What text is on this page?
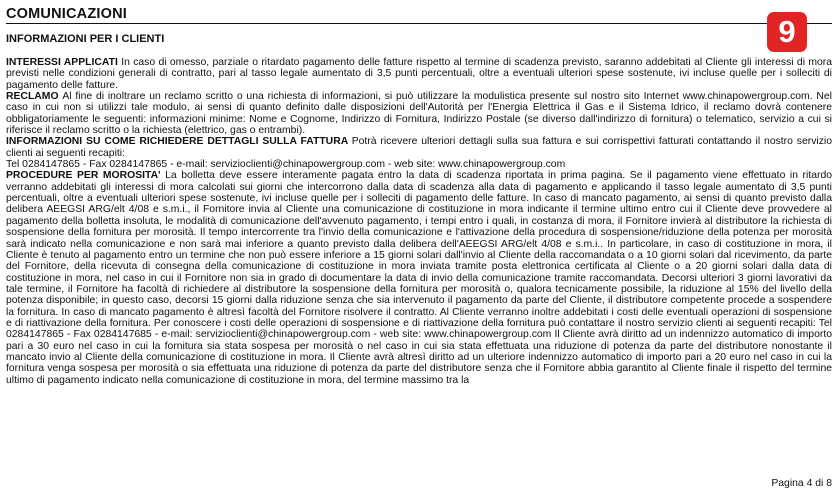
COMUNICAZIONI
INFORMAZIONI PER I CLIENTI	9

INTERESSI APPLICATI In caso di omesso, parziale o ritardato pagamento delle fatture rispetto al termine di scadenza previsto, saranno addebitati al Cliente gli interessi di mora previsti nelle condizioni generali di contratto, pari al tasso legale aumentato di 3,5 punti percentuali, oltre a eventuali ulteriori spese sostenute, ivi incluse quelle per i solleciti di pagamento delle fatture.

RECLAMO Al fine di inoltrare un reclamo scritto o una richiesta di informazioni, si può utilizzare la modulistica presente sul nostro sito Internet www.chinapowergroup.com. Nel caso in cui non si utilizzi tale modulo, ai sensi di quanto definito dalle disposizioni dell'Autorità per l'Energia Elettrica il Gas e il Sistema Idrico, il reclamo dovrà contenere obbligatoriamente le seguenti: informazioni minime: Nome e Cognome, Indirizzo di Fornitura, Indirizzo Postale (se diverso dall'indirizzo di fornitura) o telematico, servizio a cui si riferisce il reclamo scritto o la richiesta (elettrico, gas o entrambi).

INFORMAZIONI SU COME RICHIEDERE DETTAGLI SULLA FATTURA Potrà ricevere ulteriori dettagli sulla sua fattura e sui corrispettivi fatturati contattando il nostro servizio clienti ai seguenti recapiti:

Tel 0284147865 - Fax 0284147865 - e-mail: servizioclienti@chinapowergroup.com - web site: www.chinapowergroup.com

PROCEDURE PER MOROSITA' La bolletta deve essere interamente pagata entro la data di scadenza riportata in prima pagina. Se il pagamento viene effettuato in ritardo verranno addebitati gli interessi di mora calcolati sui giorni che intercorrono dalla data di scadenza alla data di pagamento e applicando il tasso legale aumentato di 3,5 punti percentuali, oltre a eventuali ulteriori spese sostenute, ivi incluse quelle per i solleciti di pagamento delle fatture. In caso di mancato pagamento, ai sensi di quanto previsto dalla delibera AEEGSI ARG/elt 4/08 e s.m.i., il Fornitore invia al Cliente una comunicazione di costituzione in mora indicante il termine ultimo entro cui il Cliente deve provvedere al pagamento della bolletta insoluta, le modalità di comunicazione dell'avvenuto pagamento, i tempi entro i quali, in costanza di mora, il Fornitore invierà al distributore la richiesta di sospensione della fornitura per morosità. Il tempo intercorrente tra l'invio della comunicazione e l'attivazione della procedura di sospensione/riduzione della potenza per morosità sarà indicato nella comunicazione e non sarà mai inferiore a quanto previsto dalla delibera dell'AEEGSI ARG/elt 4/08 e s.m.i.. In particolare, in caso di costituzione in mora, il Cliente è tenuto al pagamento entro un termine che non può essere inferiore a 15 giorni solari dall'invio al Cliente della raccomandata o a 10 giorni solari dal ricevimento, da parte del Fornitore, della ricevuta di consegna della comunicazione di costituzione in mora inviata tramite posta elettronica certificata al Cliente o a 20 giorni solari dalla data di costituzione in mora, nel caso in cui il Fornitore non sia in grado di documentare la data di invio della comunicazione tramite raccomandata. Decorsi ulteriori 3 giorni lavorativi da tale termine, il Fornitore ha facoltà di richiedere al distributore la sospensione della fornitura per morosità o, qualora tecnicamente possibile, la riduzione al 15% del livello della potenza disponibile; in questo caso, decorsi 15 giorni dalla riduzione senza che sia intervenuto il pagamento da parte del Cliente, il distributore competente procede a sospendere la fornitura. In caso di mancato pagamento è altresì facoltà del Fornitore risolvere il contratto. Al Cliente verranno inoltre addebitati i costi delle eventuali operazioni di sospensione e di riattivazione della fornitura. Per conoscere i costi delle operazioni di sospensione e di riattivazione della fornitura può contattare il nostro servizio clienti ai seguenti recapiti: Tel 0284147865 - Fax 0284147685 - e-mail: servizioclienti@chinapowergroup.com - web site: www.chinapowergroup.com Il Cliente avrà diritto ad un indennizzo automatico di importo pari a 30 euro nel caso in cui la fornitura sia stata sospesa per morosità o nel caso in cui sia stata effettuata una riduzione di potenza da parte del distributore nonostante il mancato invio al Cliente della comunicazione di costituzione in mora. Il Cliente avrà altresì diritto ad un ulteriore indennizzo automatico di importo pari a 20 euro nel caso in cui la fornitura venga sospesa per morosità o sia effettuata una riduzione di potenza da parte del distributore senza che il Fornitore abbia garantito al Cliente finale il rispetto del termine ultimo di pagamento indicato nella comunicazione di costituzione in mora, del termine massimo tra la

Pagina 4 di 8
